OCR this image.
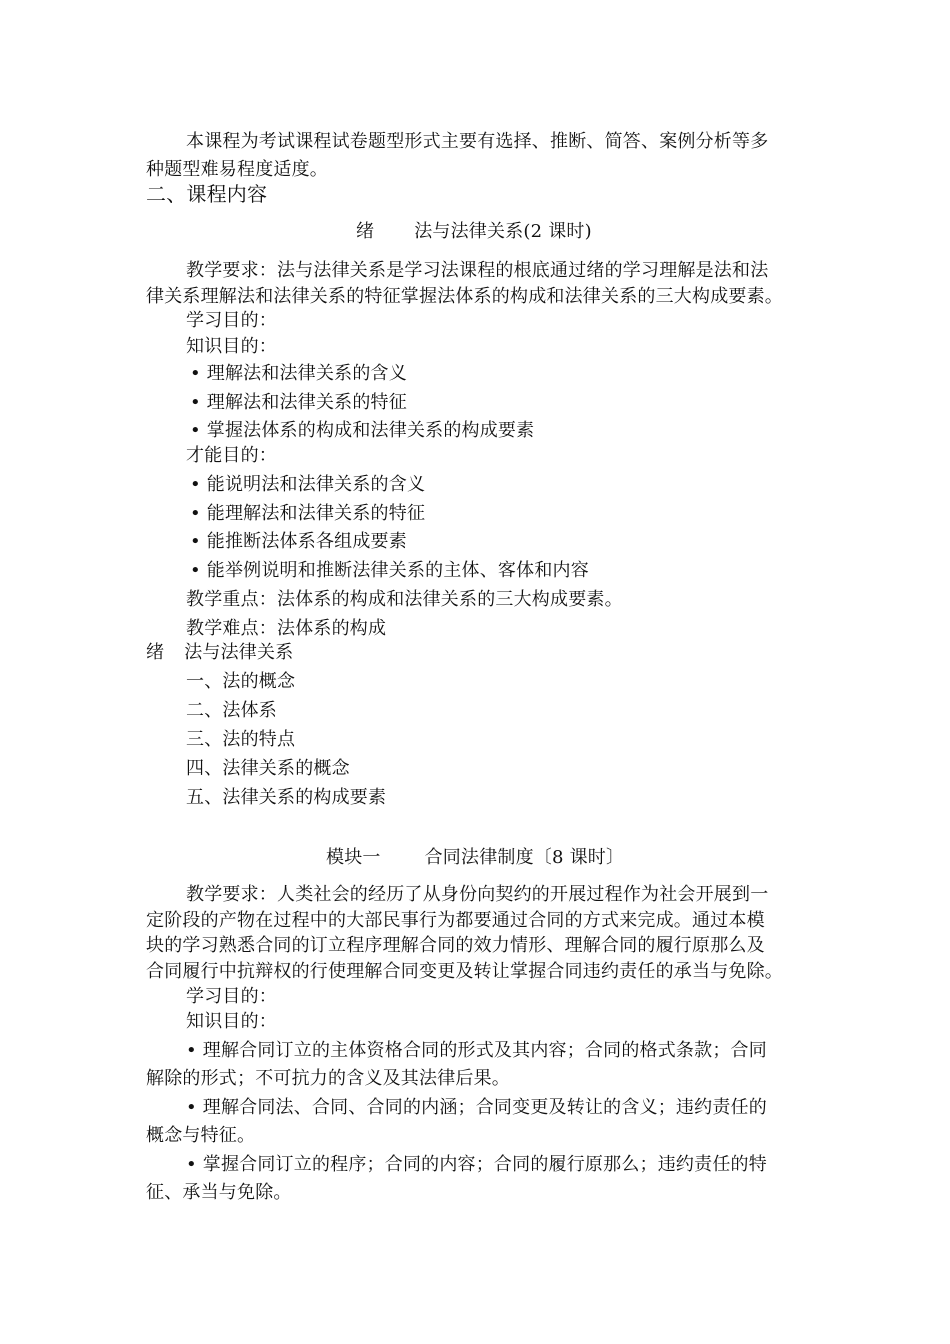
本课程为考试课程试卷题型形式主要有选择、推断、简答、案例分析等多
种题型难易程度适度。
二、课程内容
绪 法与法律关系(2 课时)
教学要求：法与法律关系是学习法课程的根底通过绪的学习理解是法和法
律关系理解法和法律关系的特征掌握法体系的构成和法律关系的三大构成要素。
学习目的：
知识目的：
• 理解法和法律关系的含义
• 理解法和法律关系的特征
• 掌握法体系的构成和法律关系的构成要素
才能目的：
• 能说明法和法律关系的含义
• 能理解法和法律关系的特征
• 能推断法体系各组成要素
• 能举例说明和推断法律关系的主体、客体和内容
教学重点：法体系的构成和法律关系的三大构成要素。
教学难点：法体系的构成
绪 法与法律关系
一、法的概念
二、法体系
三、法的特点
四、法律关系的概念
五、法律关系的构成要素
模块一 合同法律制度〔8 课时〕
教学要求：人类社会的经历了从身份向契约的开展过程作为社会开展到一
定阶段的产物在过程中的大部民事行为都要通过合同的方式来完成。通过本模
块的学习熟悉合同的订立程序理解合同的效力情形、理解合同的履行原那么及
合同履行中抗辩权的行使理解合同变更及转让掌握合同违约责任的承当与免除。
学习目的：
知识目的：
• 理解合同订立的主体资格合同的形式及其内容；合同的格式条款；合同
解除的形式；不可抗力的含义及其法律后果。
• 理解合同法、合同、合同的内涵；合同变更及转让的含义；违约责任的
概念与特征。
• 掌握合同订立的程序；合同的内容；合同的履行原那么；违约责任的特
征、承当与免除。
